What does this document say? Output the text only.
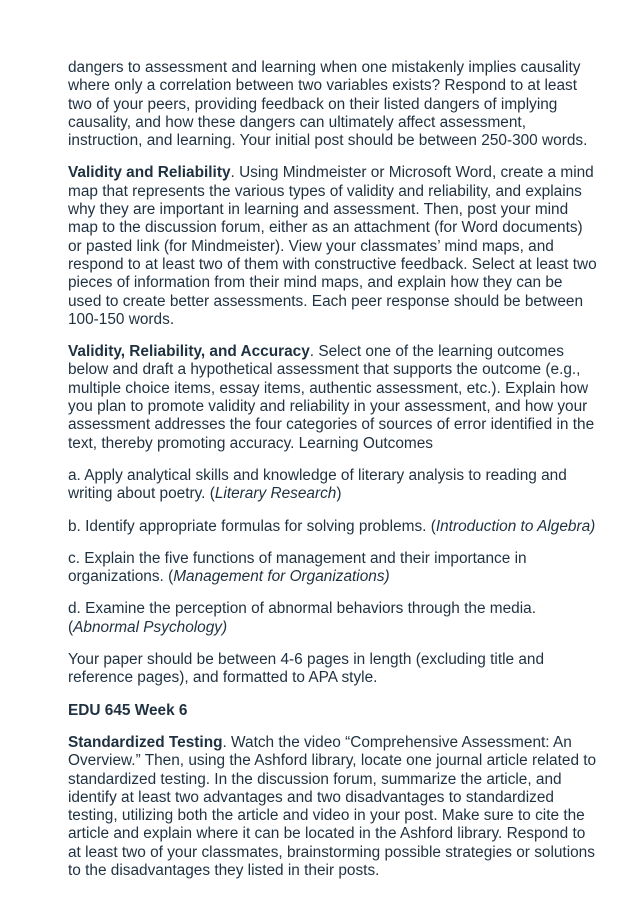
dangers to assessment and learning when one mistakenly implies causality where only a correlation between two variables exists? Respond to at least two of your peers, providing feedback on their listed dangers of implying causality, and how these dangers can ultimately affect assessment, instruction, and learning. Your initial post should be between 250-300 words.

Validity and Reliability. Using Mindmeister or Microsoft Word, create a mind map that represents the various types of validity and reliability, and explains why they are important in learning and assessment. Then, post your mind map to the discussion forum, either as an attachment (for Word documents) or pasted link (for Mindmeister). View your classmates’ mind maps, and respond to at least two of them with constructive feedback. Select at least two pieces of information from their mind maps, and explain how they can be used to create better assessments. Each peer response should be between 100-150 words.

Validity, Reliability, and Accuracy. Select one of the learning outcomes below and draft a hypothetical assessment that supports the outcome (e.g., multiple choice items, essay items, authentic assessment, etc.). Explain how you plan to promote validity and reliability in your assessment, and how your assessment addresses the four categories of sources of error identified in the text, thereby promoting accuracy. Learning Outcomes

a. Apply analytical skills and knowledge of literary analysis to reading and writing about poetry. (Literary Research)

b. Identify appropriate formulas for solving problems. (Introduction to Algebra)

c. Explain the five functions of management and their importance in organizations. (Management for Organizations)

d. Examine the perception of abnormal behaviors through the media. (Abnormal Psychology)

Your paper should be between 4-6 pages in length (excluding title and reference pages), and formatted to APA style.

EDU 645 Week 6

Standardized Testing. Watch the video “Comprehensive Assessment: An Overview.” Then, using the Ashford library, locate one journal article related to standardized testing. In the discussion forum, summarize the article, and identify at least two advantages and two disadvantages to standardized testing, utilizing both the article and video in your post. Make sure to cite the article and explain where it can be located in the Ashford library. Respond to at least two of your classmates, brainstorming possible strategies or solutions to the disadvantages they listed in their posts.
